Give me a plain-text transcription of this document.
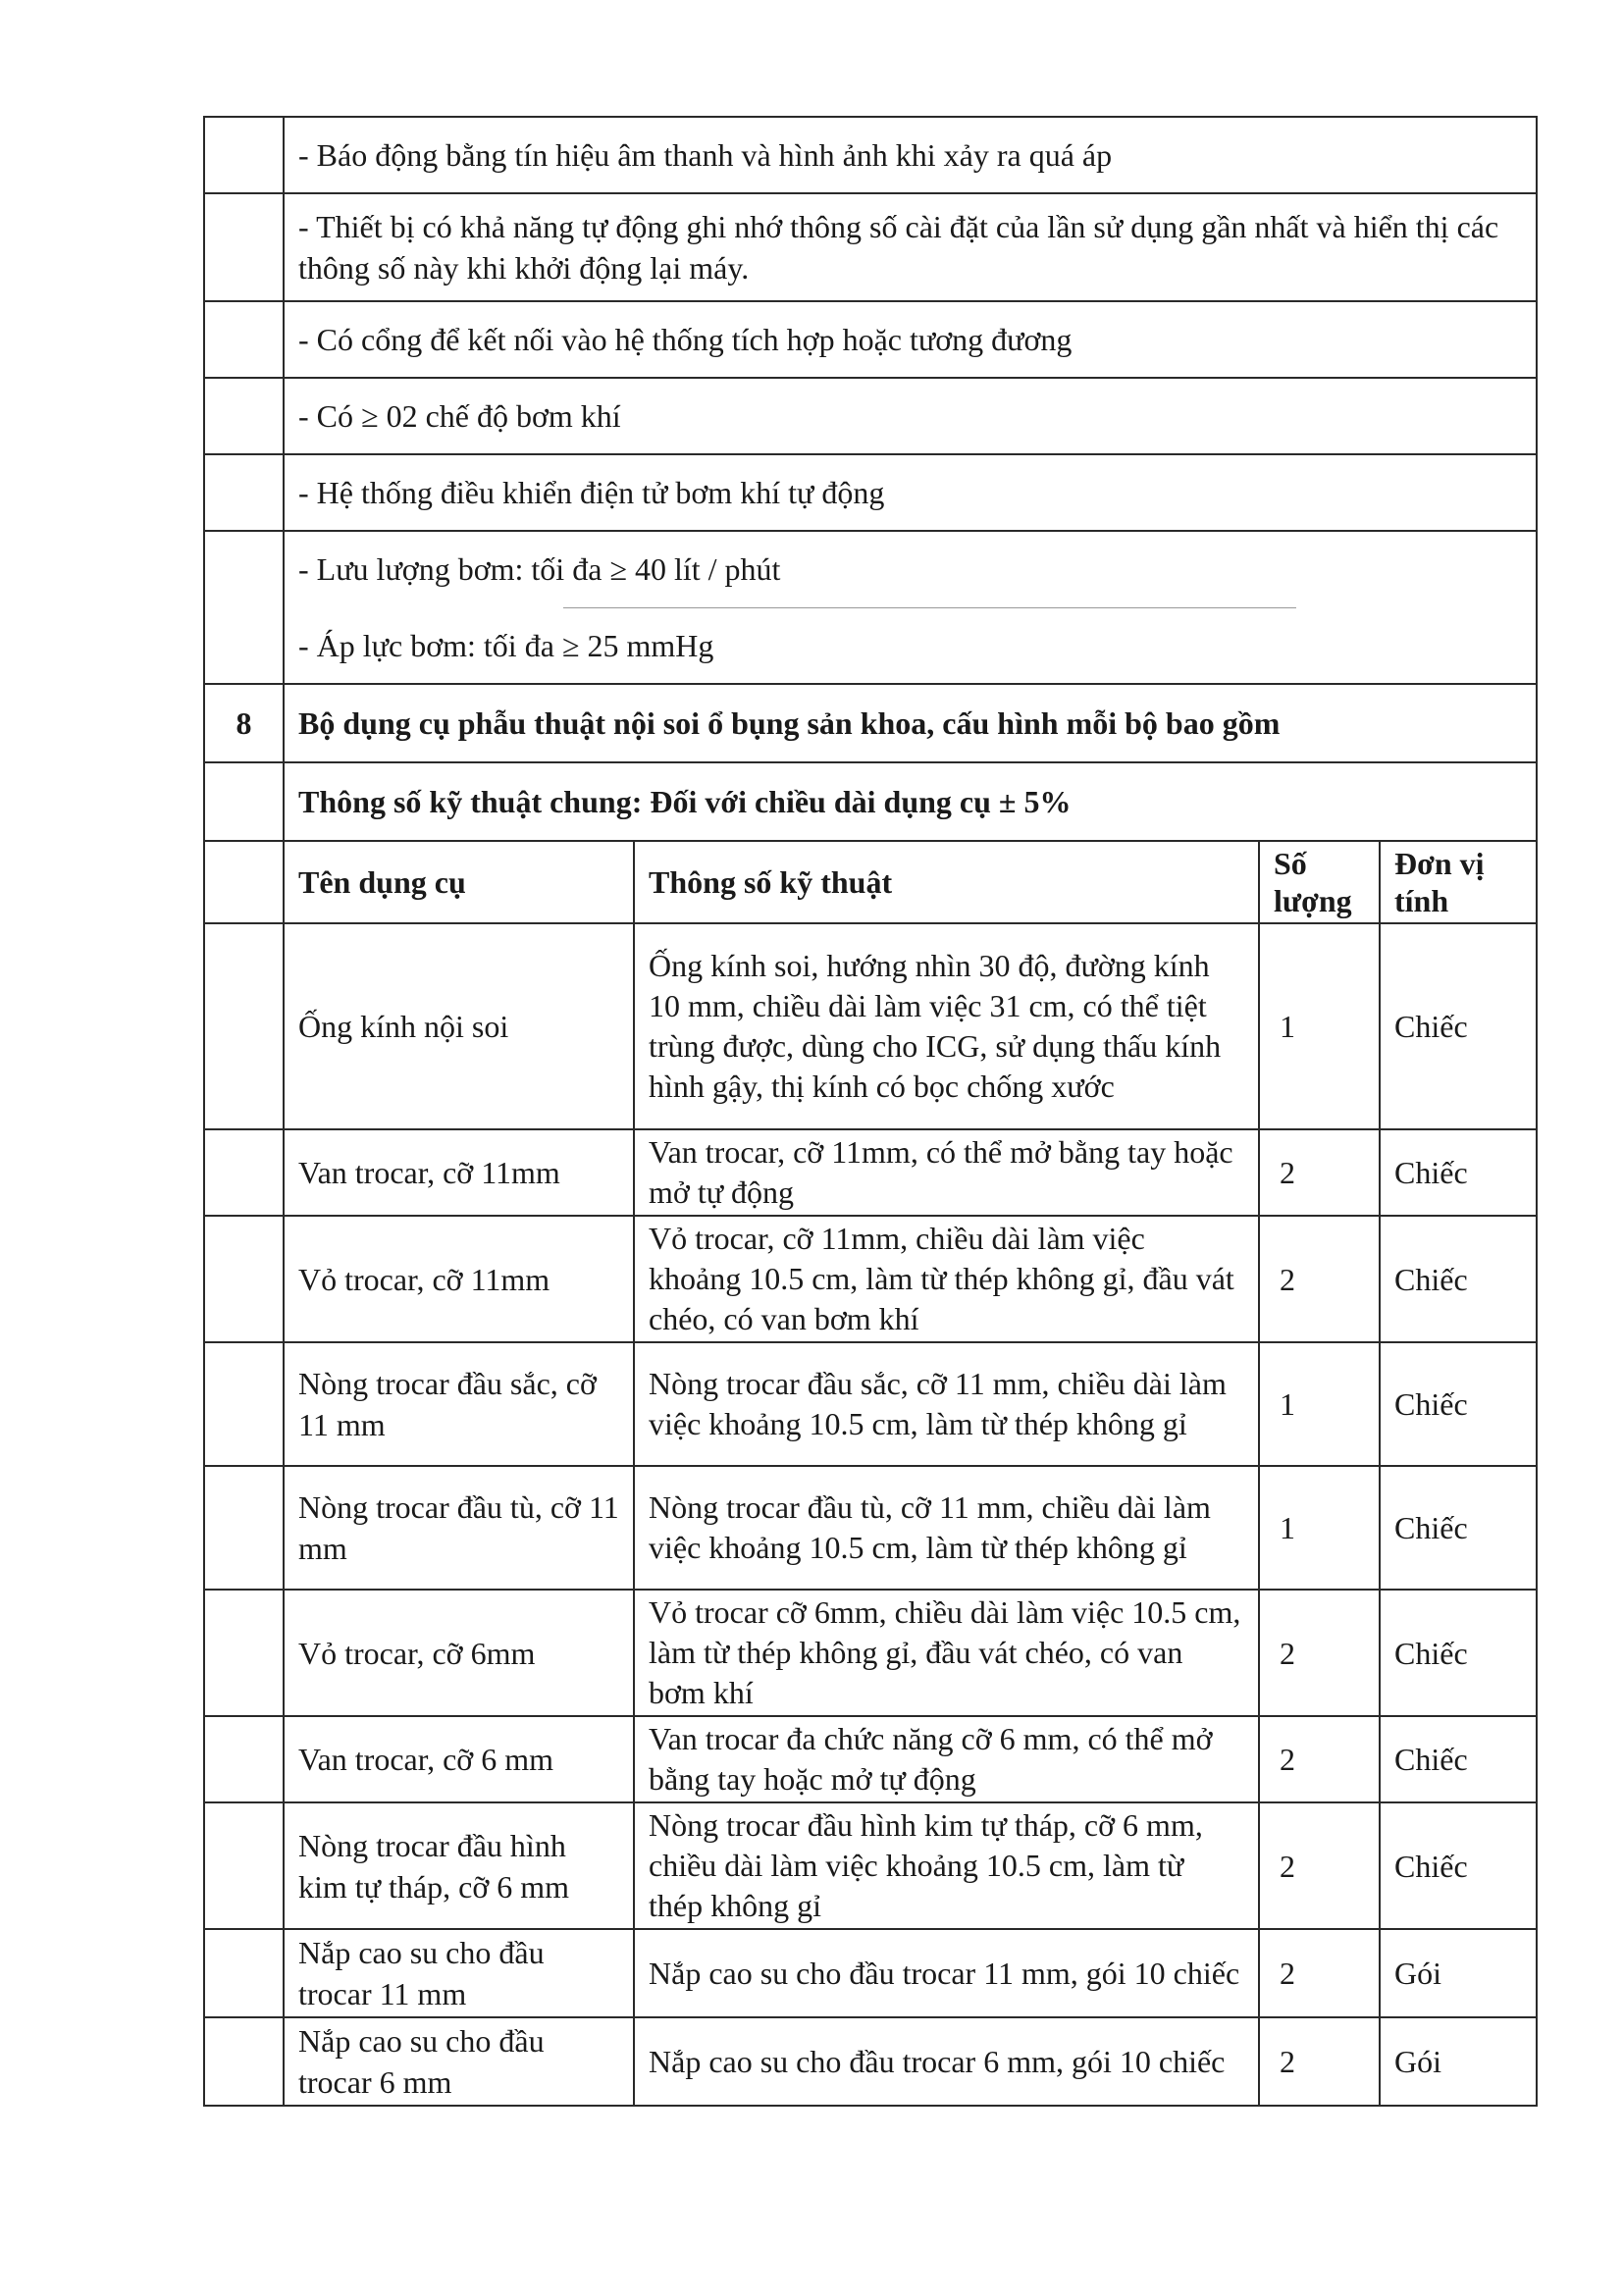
	- Báo động bằng tín hiệu âm thanh và hình ảnh khi xảy ra quá áp			
	- Thiết bị có khả năng tự động ghi nhớ thông số cài đặt của lần sử dụng gần nhất và hiển thị các thông số này khi khởi động lại máy.			
	- Có cổng để kết nối vào hệ thống tích hợp hoặc tương đương			
	- Có ≥ 02 chế độ bơm khí			
	- Hệ thống điều khiển điện tử bơm khí tự động			

	- Lưu lượng bơm: tối đa ≥ 40 lít / phút
- Áp lực bơm: tối đa ≥ 25 mmHg			

8	Bộ dụng cụ phẫu thuật nội soi ổ bụng sản khoa, cấu hình mỗi bộ bao gồm			
	Thông số kỹ thuật chung: Đối với chiều dài dụng cụ ± 5%			
	Tên dụng cụ	Thông số kỹ thuật	Số lượng	Đơn vị tính
	Ống kính nội soi	Ống kính soi, hướng nhìn 30 độ, đường kính 10 mm, chiều dài làm việc 31 cm, có thể tiệt trùng được, dùng cho ICG, sử dụng thấu kính hình gậy, thị kính có bọc chống xước	1	Chiếc
	Van trocar, cỡ 11mm	Van trocar, cỡ 11mm, có thể mở bằng tay hoặc mở tự động	2	Chiếc
	Vỏ trocar, cỡ 11mm	Vỏ trocar, cỡ 11mm, chiều dài làm việc khoảng 10.5 cm, làm từ thép không gỉ, đầu vát chéo, có van bơm khí	2	Chiếc
	Nòng trocar đầu sắc, cỡ 11 mm	Nòng trocar đầu sắc, cỡ 11 mm, chiều dài làm việc khoảng 10.5 cm, làm từ thép không gỉ	1	Chiếc
	Nòng trocar đầu tù, cỡ 11 mm	Nòng trocar đầu tù, cỡ 11 mm, chiều dài làm việc khoảng 10.5 cm, làm từ thép không gỉ	1	Chiếc
	Vỏ trocar, cỡ 6mm	Vỏ trocar cỡ 6mm, chiều dài làm việc 10.5 cm, làm từ thép không gỉ, đầu vát chéo, có van bơm khí	2	Chiếc
	Van trocar, cỡ 6 mm	Van trocar đa chức năng cỡ 6 mm, có thể mở bằng tay hoặc mở tự động	2	Chiếc
	Nòng trocar đầu hình kim tự tháp, cỡ 6 mm	Nòng trocar đầu hình kim tự tháp, cỡ 6 mm, chiều dài làm việc khoảng 10.5 cm, làm từ thép không gỉ	2	Chiếc
	Nắp cao su cho đầu trocar 11 mm	Nắp cao su cho đầu trocar 11 mm, gói 10 chiếc	2	Gói
	Nắp cao su cho đầu trocar 6 mm	Nắp cao su cho đầu trocar 6 mm, gói 10 chiếc	2	Gói
